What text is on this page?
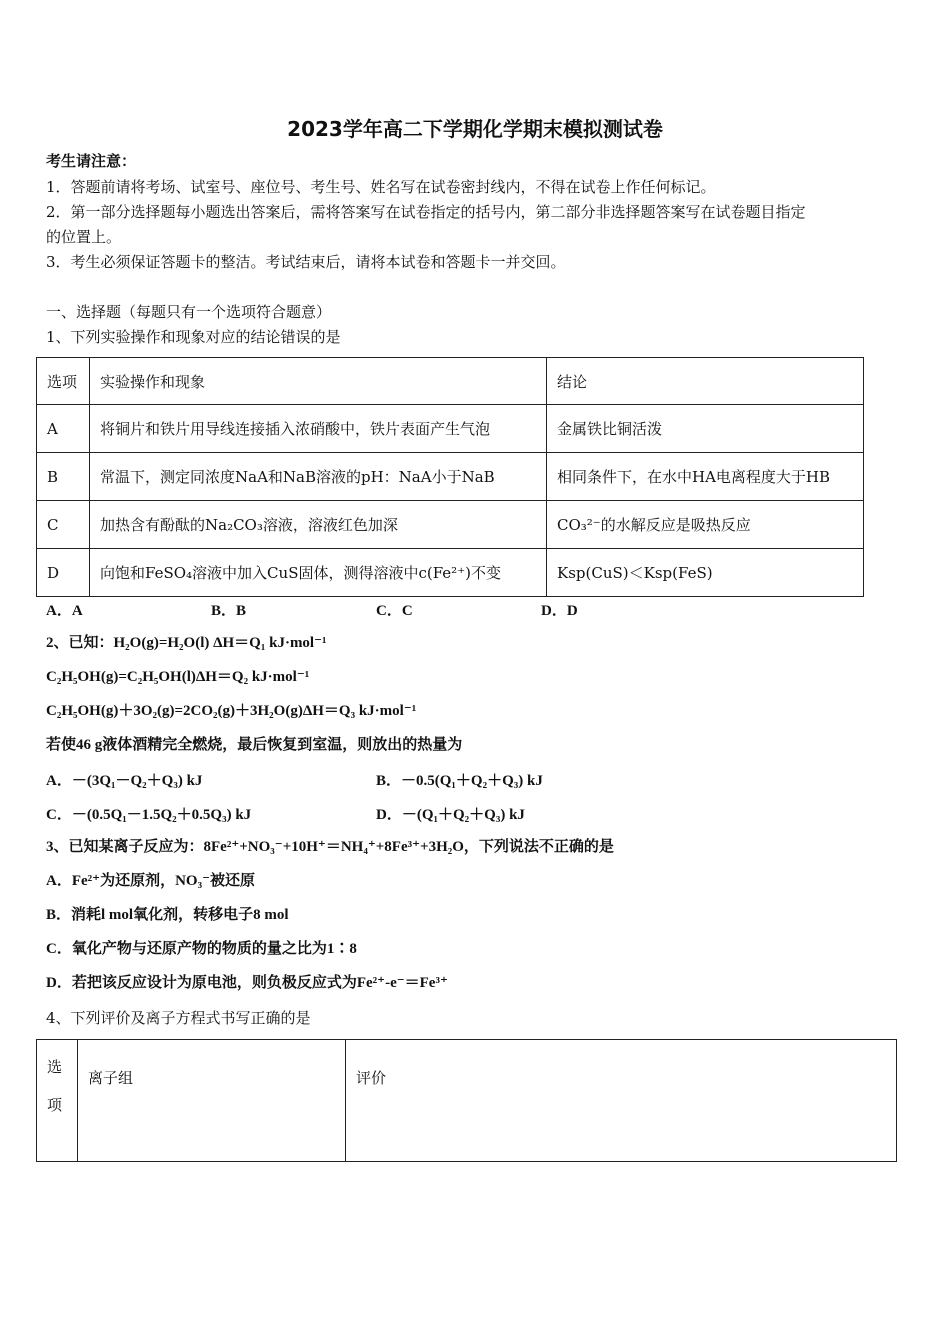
2023学年高二下学期化学期末模拟测试卷
考生请注意：
1．答题前请将考场、试室号、座位号、考生号、姓名写在试卷密封线内，不得在试卷上作任何标记。
2．第一部分选择题每小题选出答案后，需将答案写在试卷指定的括号内，第二部分非选择题答案写在试卷题目指定
的位置上。
3．考生必须保证答题卡的整洁。考试结束后，请将本试卷和答题卡一并交回。
一、选择题（每题只有一个选项符合题意）
1、下列实验操作和现象对应的结论错误的是
选项	实验操作和现象	结论
A	将铜片和铁片用导线连接插入浓硝酸中，铁片表面产生气泡	金属铁比铜活泼
B	常温下，测定同浓度NaA和NaB溶液的pH：NaA小于NaB	相同条件下，在水中HA电离程度大于HB
C	加热含有酚酞的Na₂CO₃溶液，溶液红色加深	CO₃²⁻的水解反应是吸热反应
D	向饱和FeSO₄溶液中加入CuS固体，测得溶液中c(Fe²⁺)不变	Ksp(CuS)＜Ksp(FeS)
A．A	B．B	C．C	D．D
2、已知：H₂O(g)=H₂O(l) ΔH＝Q₁ kJ·mol⁻¹
C₂H₅OH(g)=C₂H₅OH(l)ΔH＝Q₂ kJ·mol⁻¹
C₂H₅OH(g)＋3O₂(g)=2CO₂(g)＋3H₂O(g)ΔH＝Q₃ kJ·mol⁻¹
若使46 g液体酒精完全燃烧，最后恢复到室温，则放出的热量为
A．－(3Q₁－Q₂＋Q₃) kJ	B．－0.5(Q₁＋Q₂＋Q₃) kJ
C．－(0.5Q₁－1.5Q₂＋0.5Q₃) kJ	D．－(Q₁＋Q₂＋Q₃) kJ
3、已知某离子反应为：8Fe²⁺+NO₃⁻+10H⁺＝NH₄⁺+8Fe³⁺+3H₂O，下列说法不正确的是
A．Fe²⁺为还原剂，NO₃⁻被还原
B．消耗l mol氧化剂，转移电子8 mol
C．氧化产物与还原产物的物质的量之比为1∶8
D．若把该反应设计为原电池，则负极反应式为Fe²⁺-e⁻＝Fe³⁺
4、下列评价及离子方程式书写正确的是
选
项
	离子组	评价
